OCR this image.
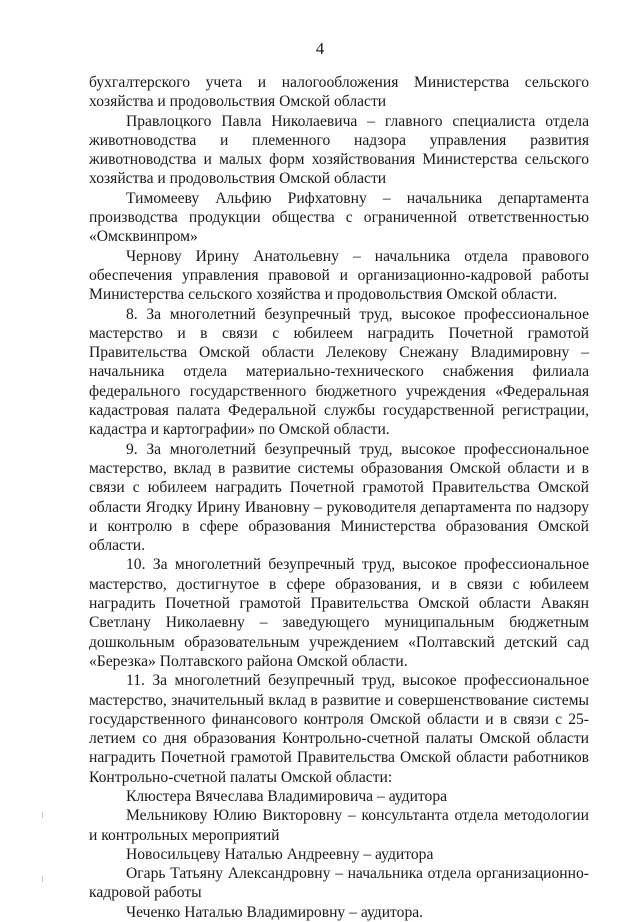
4

бухгалтерского учета и налогообложения Министерства сельского хозяйства и продовольствия Омской области

Правлоцкого Павла Николаевича – главного специалиста отдела животноводства и племенного надзора управления развития животноводства и малых форм хозяйствования Министерства сельского хозяйства и продовольствия Омской области

Тимомееву Альфию Рифхатовну – начальника департамента производства продукции общества с ограниченной ответственностью «Омсквинпром»

Чернову Ирину Анатольевну – начальника отдела правового обеспечения управления правовой и организационно-кадровой работы Министерства сельского хозяйства и продовольствия Омской области.

8. За многолетний безупречный труд, высокое профессиональное мастерство и в связи с юбилеем наградить Почетной грамотой Правительства Омской области Лелекову Снежану Владимировну – начальника отдела материально-технического снабжения филиала федерального государственного бюджетного учреждения «Федеральная кадастровая палата Федеральной службы государственной регистрации, кадастра и картографии» по Омской области.

9. За многолетний безупречный труд, высокое профессиональное мастерство, вклад в развитие системы образования Омской области и в связи с юбилеем наградить Почетной грамотой Правительства Омской области Ягодку Ирину Ивановну – руководителя департамента по надзору и контролю в сфере образования Министерства образования Омской области.

10. За многолетний безупречный труд, высокое профессиональное мастерство, достигнутое в сфере образования, и в связи с юбилеем наградить Почетной грамотой Правительства Омской области Авакян Светлану Николаевну – заведующего муниципальным бюджетным дошкольным образовательным учреждением «Полтавский детский сад «Березка» Полтавского района Омской области.

11. За многолетний безупречный труд, высокое профессиональное мастерство, значительный вклад в развитие и совершенствование системы государственного финансового контроля Омской области и в связи с 25-летием со дня образования Контрольно-счетной палаты Омской области наградить Почетной грамотой Правительства Омской области работников Контрольно-счетной палаты Омской области:

Клюстера Вячеслава Владимировича – аудитора

Мельникову Юлию Викторовну – консультанта отдела методологии и контрольных мероприятий

Новосильцеву Наталью Андреевну – аудитора

Огарь Татьяну Александровну – начальника отдела организационно-кадровой работы

Чеченко Наталью Владимировну – аудитора.
